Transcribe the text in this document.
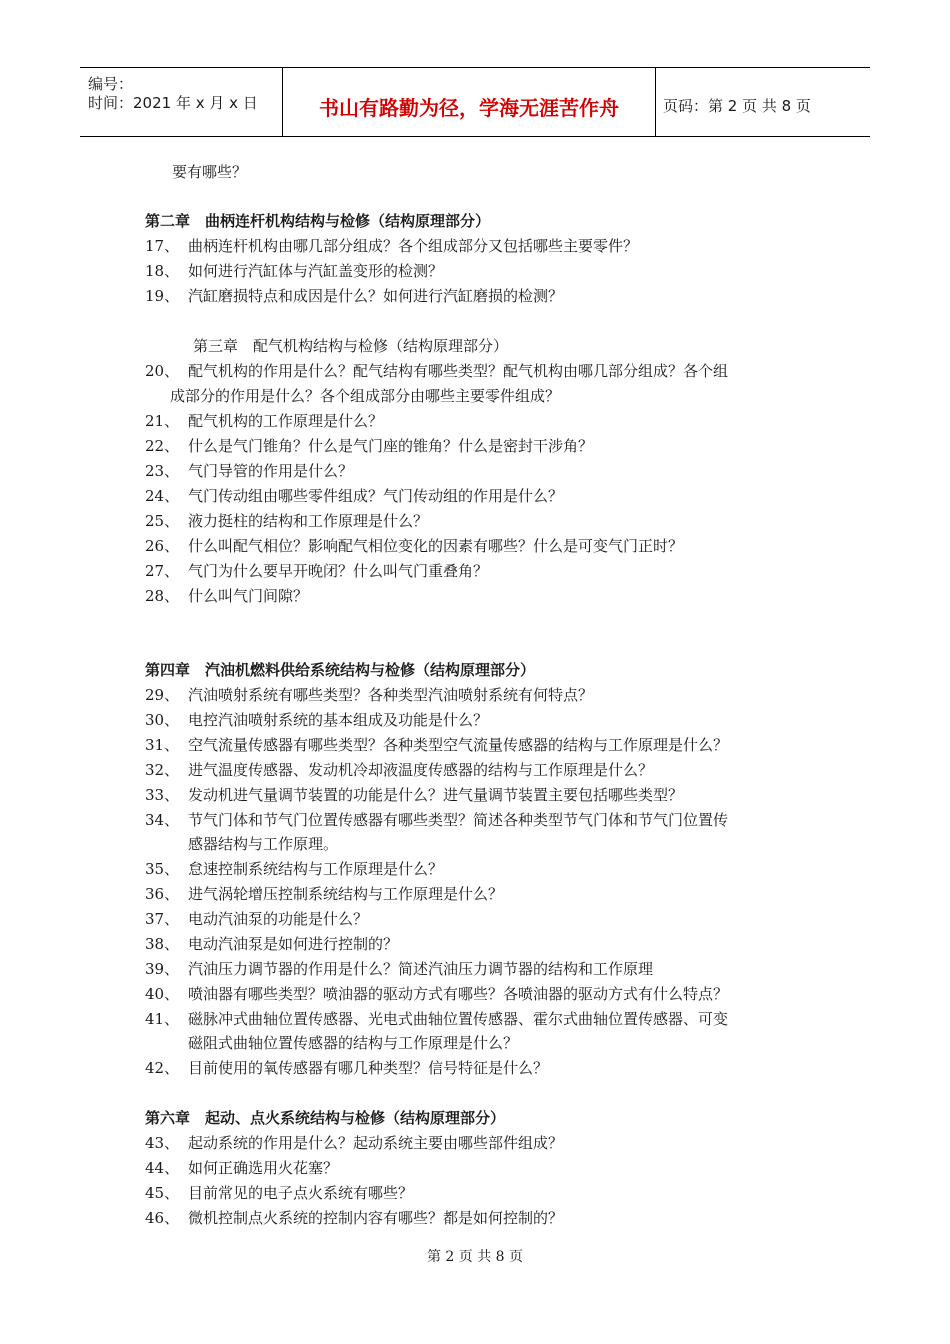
编号：
时间：2021 年 x 月 x 日	书山有路勤为径，学海无涯苦作舟	页码：第 2 页 共 8 页
要有哪些？
第二章　曲柄连杆机构结构与检修（结构原理部分）
17、 曲柄连杆机构由哪几部分组成？各个组成部分又包括哪些主要零件？
18、 如何进行汽缸体与汽缸盖变形的检测？
19、 汽缸磨损特点和成因是什么？如何进行汽缸磨损的检测？
第三章　配气机构结构与检修（结构原理部分）
20、 配气机构的作用是什么？配气结构有哪些类型？配气机构由哪几部分组成？各个组
成部分的作用是什么？各个组成部分由哪些主要零件组成？
21、 配气机构的工作原理是什么？
22、 什么是气门锥角？什么是气门座的锥角？什么是密封干涉角？
23、 气门导管的作用是什么？
24、 气门传动组由哪些零件组成？气门传动组的作用是什么？
25、 液力挺柱的结构和工作原理是什么？
26、 什么叫配气相位？影响配气相位变化的因素有哪些？什么是可变气门正时？
27、 气门为什么要早开晚闭？什么叫气门重叠角？
28、 什么叫气门间隙？
第四章　汽油机燃料供给系统结构与检修（结构原理部分）
29、 汽油喷射系统有哪些类型？各种类型汽油喷射系统有何特点？
30、 电控汽油喷射系统的基本组成及功能是什么？
31、 空气流量传感器有哪些类型？各种类型空气流量传感器的结构与工作原理是什么？
32、 进气温度传感器、发动机冷却液温度传感器的结构与工作原理是什么？
33、 发动机进气量调节装置的功能是什么？进气量调节装置主要包括哪些类型？
34、 节气门体和节气门位置传感器有哪些类型？简述各种类型节气门体和节气门位置传
感器结构与工作原理。
35、 怠速控制系统结构与工作原理是什么？
36、 进气涡轮增压控制系统结构与工作原理是什么？
37、 电动汽油泵的功能是什么？
38、 电动汽油泵是如何进行控制的？
39、 汽油压力调节器的作用是什么？简述汽油压力调节器的结构和工作原理
40、 喷油器有哪些类型？喷油器的驱动方式有哪些？各喷油器的驱动方式有什么特点？
41、 磁脉冲式曲轴位置传感器、光电式曲轴位置传感器、霍尔式曲轴位置传感器、可变
磁阻式曲轴位置传感器的结构与工作原理是什么？
42、 目前使用的氧传感器有哪几种类型？信号特征是什么？
第六章　起动、点火系统结构与检修（结构原理部分）
43、 起动系统的作用是什么？起动系统主要由哪些部件组成？
44、 如何正确选用火花塞？
45、 目前常见的电子点火系统有哪些？
46、 微机控制点火系统的控制内容有哪些？都是如何控制的？
第 2 页 共 8 页
